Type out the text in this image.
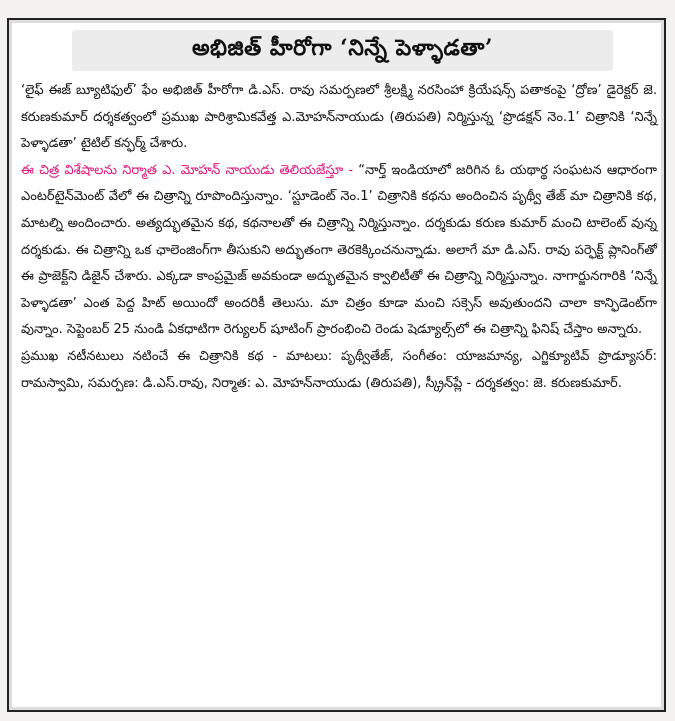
అభిజిత్ హీరోగా ‘నిన్నే పెళ్ళాడతా’

‘లైఫ్ ఈజ్ బ్యూటిఫుల్’ ఫేం అభిజిత్ హీరోగా డి.ఎస్. రావు సమర్పణలో శ్రీలక్ష్మి నరసింహా క్రియేషన్స్ పతాకంపై ‘ద్రోణ’ డైరెక్టర్ జె. కరుణకుమార్ దర్శకత్వంలో ప్రముఖ పారిశ్రామికవేత్త ఎ.మోహన్‌నాయుడు (తిరుపతి) నిర్మిస్తున్న ‘ప్రొడక్షన్ నెం.1’ చిత్రానికి ‘నిన్నే పెళ్ళాడతా’ టైటిల్ కన్ఫర్మ్ చేశారు.

ఈ చిత్ర విశేషాలను నిర్మాత ఎ. మోహన్ నాయుడు తెలియజేస్తూ - “నార్త్ ఇండియాలో జరిగిన ఓ యథార్థ సంఘటన ఆధారంగా ఎంటర్‌టైన్‌మెంట్ వేలో ఈ చిత్రాన్ని రూపొందిస్తున్నాం. ‘స్టూడెంట్ నెం.1’ చిత్రానికి కథను అందించిన పృథ్వీ తేజ్ మా చిత్రానికి కథ, మాటల్ని అందించారు. అత్యద్భుతమైన కథ, కథనాలతో ఈ చిత్రాన్ని నిర్మిస్తున్నాం. దర్శకుడు కరుణ కుమార్ మంచి టాలెంట్ వున్న దర్శకుడు. ఈ చిత్రాన్ని ఒక ఛాలెంజింగ్‌గా తీసుకుని అద్భుతంగా తెరకెక్కించనున్నాడు. అలాగే మా డి.ఎస్. రావు పర్ఫెక్ట్ ప్లానింగ్‌తో ఈ ప్రాజెక్ట్‌ని డిజైన్ చేశారు. ఎక్కడా కాంప్రమైజ్ అవకుండా అద్భుతమైన క్వాలిటీతో ఈ చిత్రాన్ని నిర్మిస్తున్నాం. నాగార్జునగారికి ‘నిన్నే పెళ్ళాడతా’ ఎంత పెద్ద హిట్ అయిందో అందరికీ తెలుసు. మా చిత్రం కూడా మంచి సక్సెస్ అవుతుందని చాలా కాన్ఫిడెంట్‌గా వున్నాం. సెప్టెంబర్ 25 నుండి ఏకధాటిగా రెగ్యులర్ షూటింగ్ ప్రారంభించి రెండు షెడ్యూల్స్‌లో ఈ చిత్రాన్ని ఫినిష్ చేస్తాం అన్నారు.

ప్రముఖ నటీనటులు నటించే ఈ చిత్రానికి కథ - మాటలు: పృథ్వీతేజ్, సంగీతం: యాజమాన్య, ఎగ్జిక్యూటివ్ ప్రొడ్యూసర్: రామస్వామి, సమర్పణ: డి.ఎస్.రావు, నిర్మాత: ఎ. మోహన్‌నాయుడు (తిరుపతి), స్క్రీన్‌ప్లే - దర్శకత్వం: జె. కరుణకుమార్.
